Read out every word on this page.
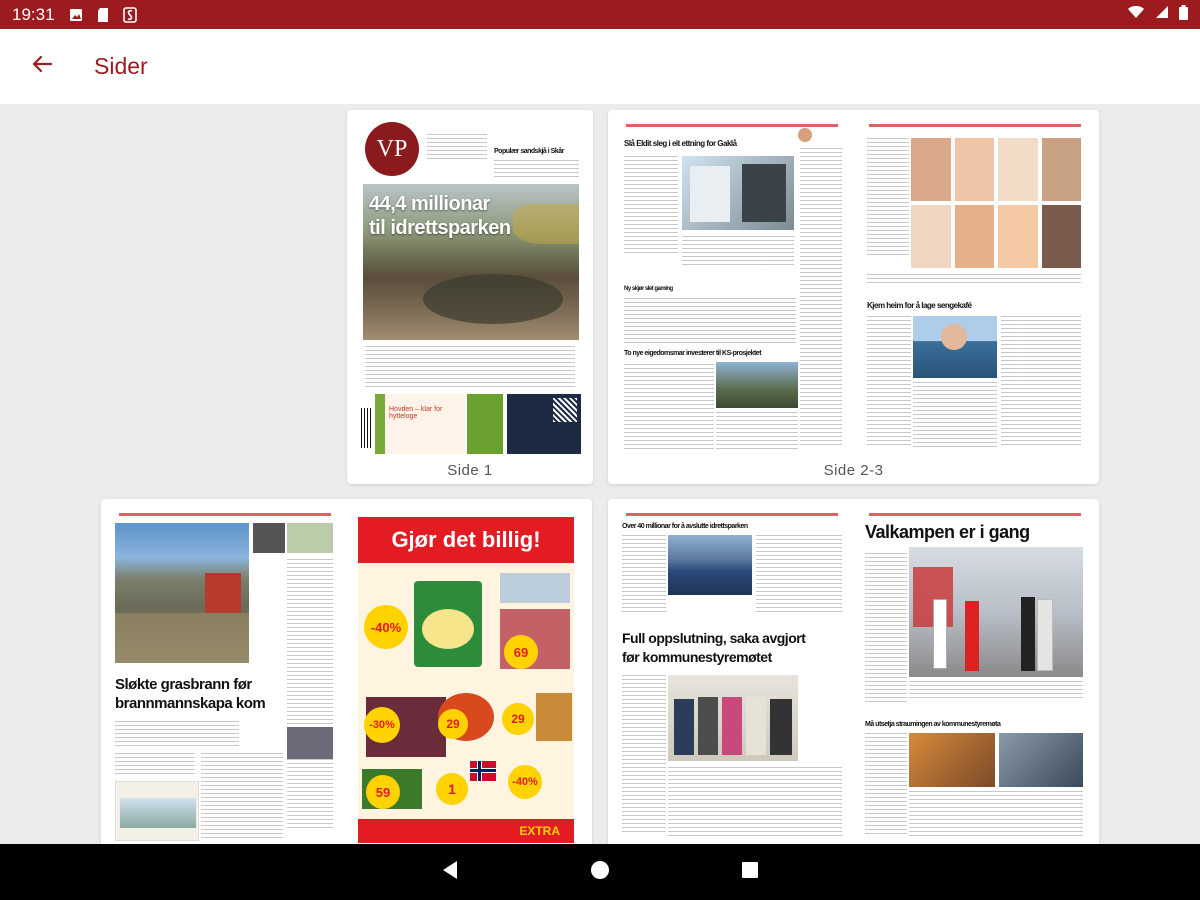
19:31
Sider
VP	Populær sandskjå i Skår
44,4 millionar
til idrettsparken
Hovden – klar for hytteloge
Side 1
Slå Eldit sleg i eit ettning for Gaklå

Ny skjør slet gaming
To nye eigedomsmar investerer til KS-prosjektet
Kjem heim for å lage sengekafé
Side 2-3
Sløkte grasbrann før
brannmannskapa kom
Gjør det billig!
-40%
69
-30%	29	29
59	1	-40%
EXTRA
Over 40 millionar for å avslutte idrettsparken
Full oppslutning, saka avgjort
før kommunestyremøtet
Valkampen er i gang
Må utsetja straumingen av kommunestyremøta
